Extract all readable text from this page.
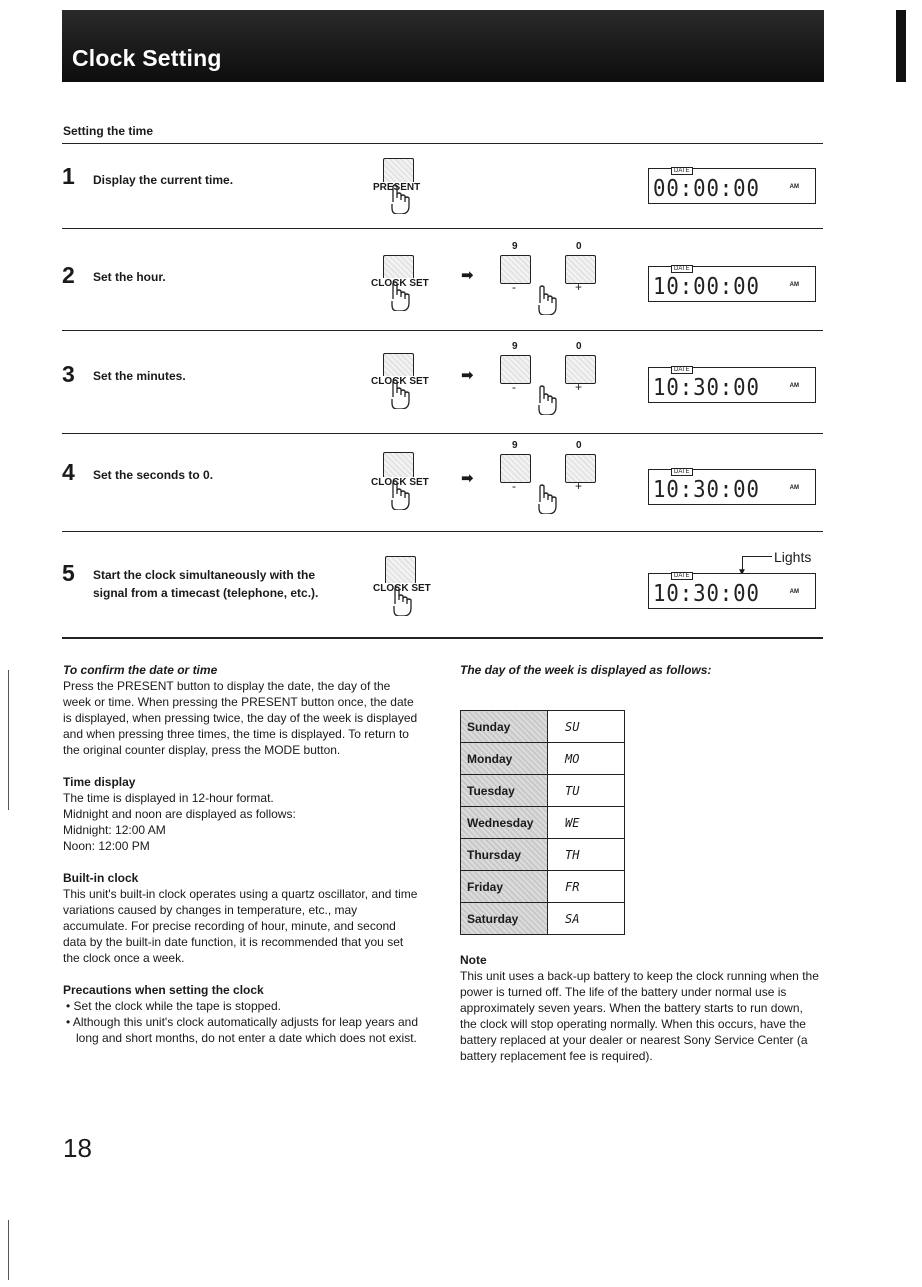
Clock Setting
Setting the time
1 Display the current time.
PRESENT
DATE
00:00:00	AM
2 Set the hour.	CLOCK SET ➡
9	0
-	+
DATE
10:00:00	AM
3 Set the minutes.	CLOCK SET ➡
9	0
-	+
DATE
10:30:00	AM
4 Set the seconds to 0.
CLOCK SET ➡
9	0
-	+
DATE
10:30:00	AM
5 Start the clock simultaneously with the
signal from a timecast (telephone, etc.).	CLOCK SET
Lights
DATE
10:30:00	AM
To confirm the date or time
Press the PRESENT button to display the date, the day of the week or time. When pressing the PRESENT button once, the date is displayed, when pressing twice, the day of the week is displayed and when pressing three times, the time is displayed. To return to the original counter display, press the MODE button.
Time display
The time is displayed in 12-hour format.
Midnight and noon are displayed as follows:
Midnight: 12:00 AM
Noon: 12:00 PM
Built-in clock
This unit's built-in clock operates using a quartz oscillator, and time variations caused by changes in temperature, etc., may accumulate. For precise recording of hour, minute, and second data by the built-in date function, it is recommended that you set the clock once a week.
Precautions when setting the clock
• Set the clock while the tape is stopped.
• Although this unit's clock automatically adjusts for leap years and long and short months, do not enter a date which does not exist.
The day of the week is displayed as follows:
Sunday	SU
Monday	MO
Tuesday	TU
Wednesday	WE
Thursday	TH
Friday	FR
Saturday	SA
Note
This unit uses a back-up battery to keep the clock running when the power is turned off. The life of the battery under normal use is approximately seven years. When the battery starts to run down, the clock will stop operating normally. When this occurs, have the battery replaced at your dealer or nearest Sony Service Center (a battery replacement fee is required).
18
